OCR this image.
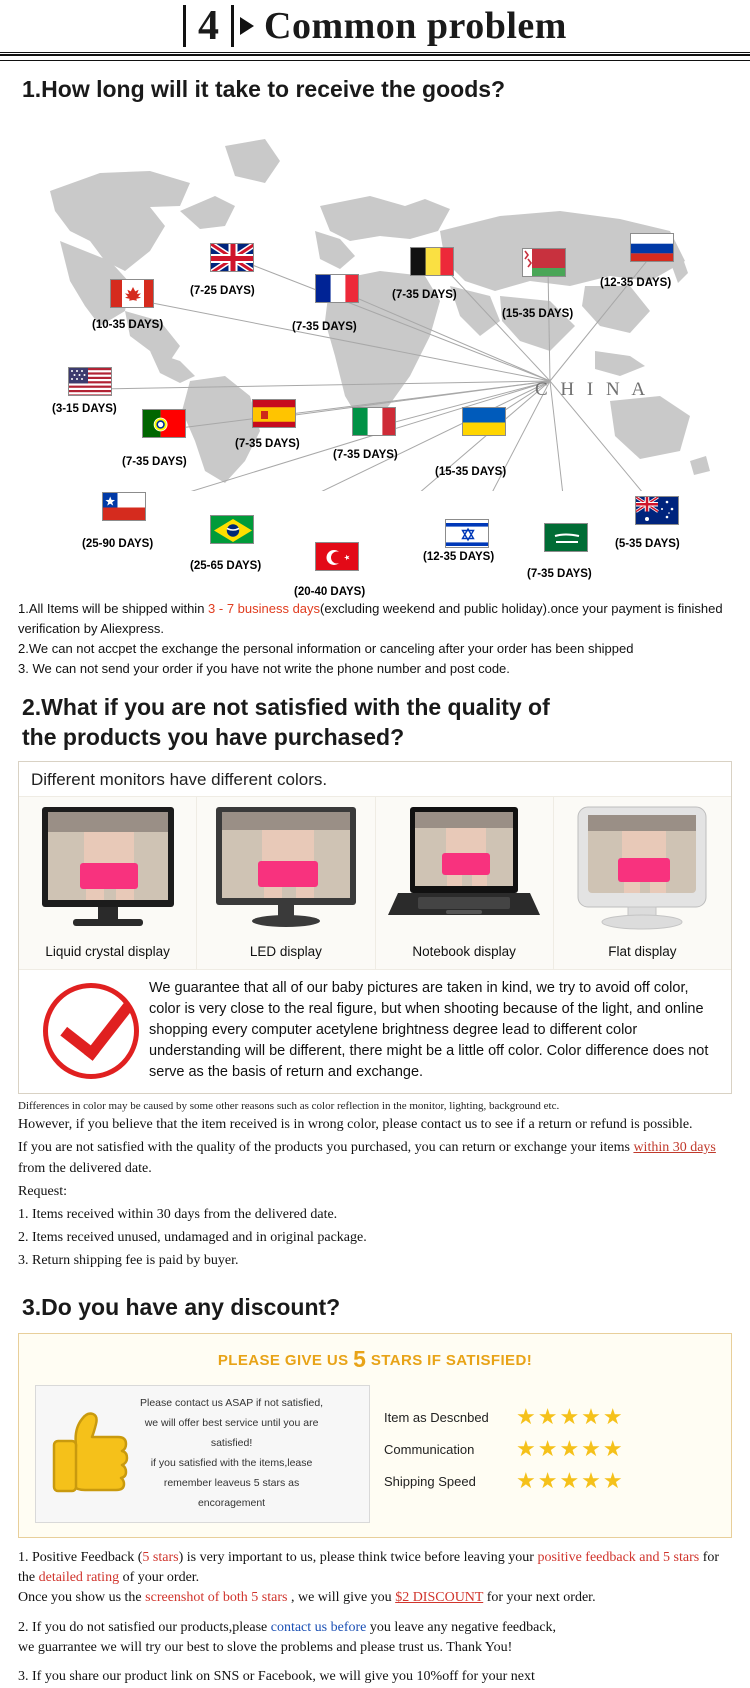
4	Common problem
1.How long will it take to receive the goods?
C H I N A
(10-35 DAYS)
(7-25 DAYS)
(7-35 DAYS)
(7-35 DAYS)
(15-35 DAYS)
(12-35 DAYS)
(3-15 DAYS)
(7-35 DAYS)
(7-35 DAYS)
(7-35 DAYS)
(15-35 DAYS)
(25-90 DAYS)
(25-65 DAYS)
(20-40 DAYS)
(12-35 DAYS)
(7-35 DAYS)
(5-35 DAYS)
1.All Items will be shipped within 3 - 7 business days(excluding weekend and public holiday).once your payment is finished verification by Aliexpress.
2.We can not accpet the exchange the personal information or canceling after your order has been shipped
3. We can not send your order if you have not write the phone number and post code.
2.What if you are not satisfied with the quality of
the products you have purchased?
Different monitors have different colors.
Liquid crystal display	LED display	Notebook display	Flat display
We guarantee that all of our baby pictures are taken in kind, we try to avoid off color, color is very close to the real figure, but when shooting because of the light, and online shopping every computer acetylene brightness degree lead to different color understanding will be different, there might be a little off color. Color difference does not serve as the basis of return and exchange.
Differences in color may be caused by some other reasons such as color reflection in the monitor, lighting, background etc.
However, if you believe that the item received is in wrong color, please contact us to see if a return or refund is possible.
If you are not satisfied with the quality of the products you purchased, you can return or exchange your items within 30 days from the delivered date.
Request:
1. Items received within 30 days from the delivered date.
2. Items received unused, undamaged and in original package.
3. Return shipping fee is paid by buyer.
3.Do you have any discount?
PLEASE GIVE US 5 STARS IF SATISFIED!
Please contact us ASAP if not satisfied,
we will offer best service until you are
satisfied!
if you satisfied with the items,lease
remember leaveus 5 stars as
encoragement
Item as Descnbed	★★★★★
Communication	★★★★★
Shipping Speed	★★★★★
1. Positive Feedback (5 stars) is very important to us, please think twice before leaving your positive feedback and 5 stars for the detailed rating of your order.
Once you show us the screenshot of both 5 stars , we will give you $2 DISCOUNT for your next order.
2. If you do not satisfied our products,please contact us before you leave any negative feedback,
we guarrantee we will try our best to slove the problems and please trust us. Thank You!
3. If you share our product link on SNS or Facebook, we will give you 10%off for your next
